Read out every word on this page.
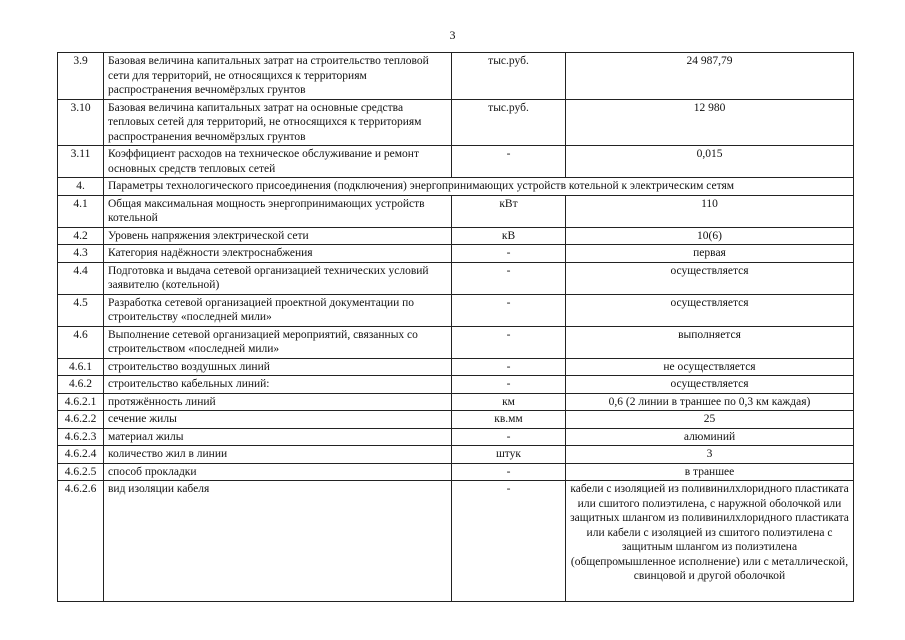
3
3.9	Базовая величина капитальных затрат на строительство тепловой сети для территорий, не относящихся к территориям распространения вечномёрзлых грунтов	тыс.руб.	24 987,79
3.10	Базовая величина капитальных затрат на основные средства тепловых сетей для территорий, не относящихся к территориям распространения вечномёрзлых грунтов	тыс.руб.	12 980
3.11	Коэффициент расходов на техническое обслуживание и ремонт основных средств тепловых сетей	-	0,015
4.	Параметры технологического присоединения (подключения) энергопринимающих устройств котельной к электрическим сетям		
4.1	Общая максимальная мощность энергопринимающих устройств котельной	кВт	110
4.2	Уровень напряжения электрической сети	кВ	10(6)
4.3	Категория надёжности электроснабжения	-	первая
4.4	Подготовка и выдача сетевой организацией технических условий заявителю (котельной)	-	осуществляется
4.5	Разработка сетевой организацией проектной документации по строительству «последней мили»	-	осуществляется
4.6	Выполнение сетевой организацией мероприятий, связанных со строительством «последней мили»	-	выполняется
4.6.1	строительство воздушных линий	-	не осуществляется
4.6.2	строительство кабельных линий:	-	осуществляется
4.6.2.1	протяжённость линий	км	0,6 (2 линии в траншее по 0,3 км каждая)
4.6.2.2	сечение жилы	кв.мм	25
4.6.2.3	материал жилы	-	алюминий
4.6.2.4	количество жил в линии	штук	3
4.6.2.5	способ прокладки	-	в траншее
4.6.2.6	вид изоляции кабеля	-	кабели с изоляцией из поливинилхлоридного пластиката или сшитого полиэтилена, с наружной оболочкой или защитных шлангом из поливинилхлоридного пластиката или кабели с изоляцией из сшитого полиэтилена с защитным шлангом из полиэтилена (общепромышленное исполнение) или с металлической, свинцовой и другой оболочкой
